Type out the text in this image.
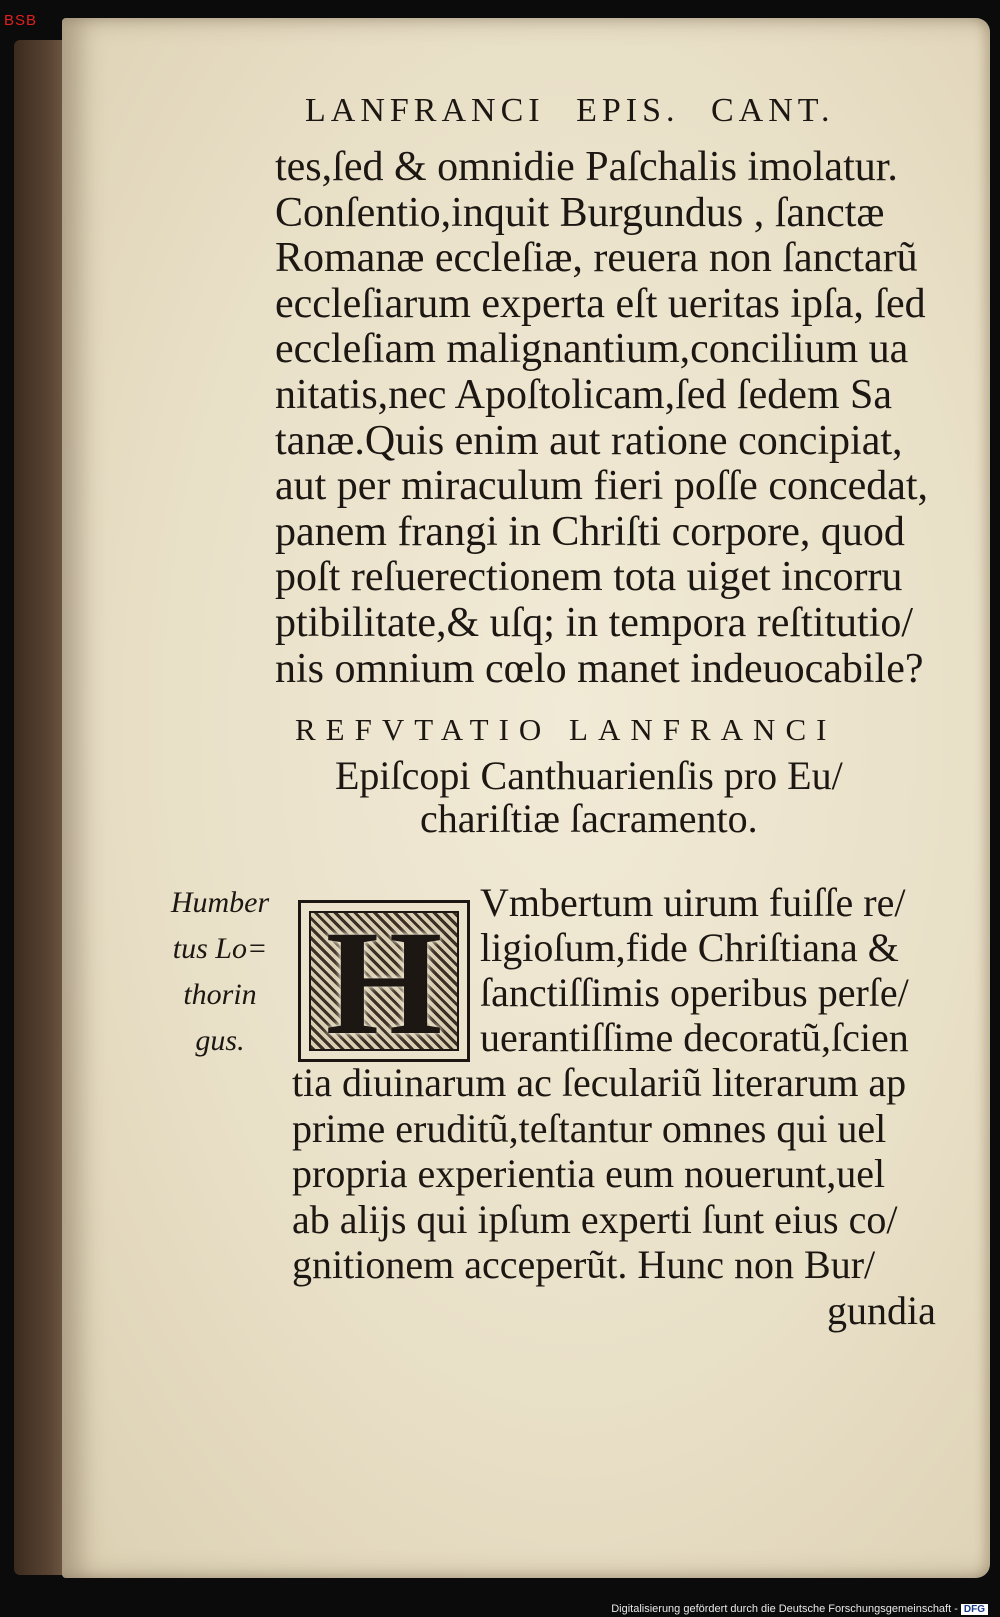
BSB
LANFRANCI EPIS. CANT.
tes,ſed & omnidie Paſchalis imolatur.
Conſentio,inquit Burgundus , ſanctæ
Romanæ eccleſiæ, reuera non ſanctarũ
eccleſiarum experta eſt ueritas ipſa, ſed
eccleſiam malignantium,concilium ua
nitatis,nec Apoſtolicam,ſed ſedem Sa
tanæ.Quis enim aut ratione concipiat,
aut per miraculum fieri poſſe concedat,
panem frangi in Chriſti corpore, quod
poſt reſuerectionem tota uiget incorru
ptibilitate,& uſq; in tempora reſtitutio/
nis omnium cœlo manet indeuocabile?
REFVTATIO LANFRANCI
Epiſcopi Canthuarienſis pro Eu/
chariſtiæ ſacramento.
Humber tus Lo= thorin gus. H Vmbertum uirum fuiſſe re/
ligioſum,fide Chriſtiana &
ſanctiſſimis operibus perſe/
uerantiſſime decoratũ,ſcien
tia diuinarum ac ſeculariũ literarum ap
prime eruditũ,teſtantur omnes qui uel
propria experientia eum nouerunt,uel
ab alijs qui ipſum experti ſunt eius co/
gnitionem acceperũt. Hunc non Bur/
gundia
Digitalisierung gefördert durch die Deutsche Forschungsgemeinschaft - DFG
